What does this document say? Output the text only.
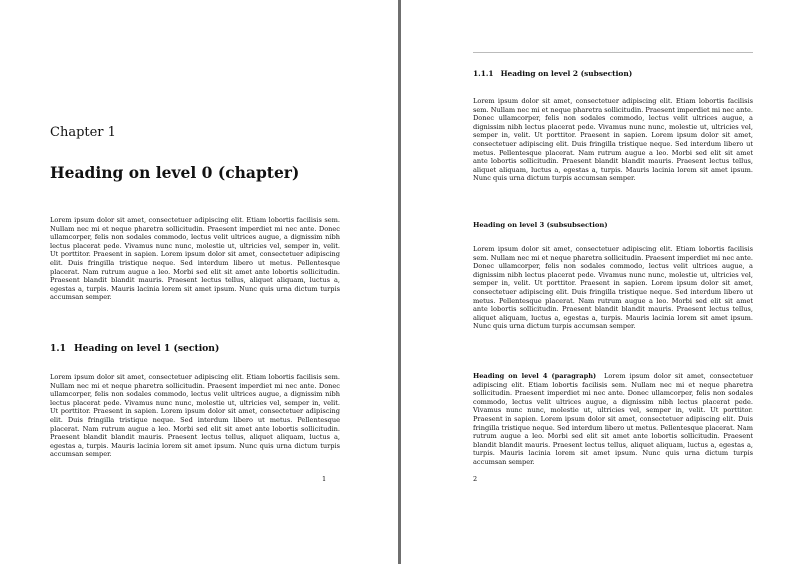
Chapter 1
Heading on level 0 (chapter)

Lorem ipsum dolor sit amet, consectetuer adipiscing elit. Etiam lobortis facilisis sem. Nullam nec mi et neque pharetra sollicitudin. Praesent imperdiet mi nec ante. Donec ullamcorper, felis non sodales commodo, lectus velit ultrices augue, a dignissim nibh lectus placerat pede. Vivamus nunc nunc, molestie ut, ultricies vel, semper in, velit. Ut porttitor. Praesent in sapien. Lorem ipsum dolor sit amet, consectetuer adipiscing elit. Duis fringilla tristique neque. Sed interdum libero ut metus. Pellentesque placerat. Nam rutrum augue a leo. Morbi sed elit sit amet ante lobortis sollicitudin. Praesent blandit blandit mauris. Praesent lectus tellus, aliquet aliquam, luctus a, egestas a, turpis. Mauris lacinia lorem sit amet ipsum. Nunc quis urna dictum turpis accumsan semper.

1.1 Heading on level 1 (section)

Lorem ipsum dolor sit amet, consectetuer adipiscing elit. Etiam lobortis facilisis sem. Nullam nec mi et neque pharetra sollicitudin. Praesent imperdiet mi nec ante. Donec ullamcorper, felis non sodales commodo, lectus velit ultrices augue, a dignissim nibh lectus placerat pede. Vivamus nunc nunc, molestie ut, ultricies vel, semper in, velit. Ut porttitor. Praesent in sapien. Lorem ipsum dolor sit amet, consectetuer adipiscing elit. Duis fringilla tristique neque. Sed interdum libero ut metus. Pellentesque placerat. Nam rutrum augue a leo. Morbi sed elit sit amet ante lobortis sollicitudin. Praesent blandit blandit mauris. Praesent lectus tellus, aliquet aliquam, luctus a, egestas a, turpis. Mauris lacinia lorem sit amet ipsum. Nunc quis urna dictum turpis accumsan semper.

1
1.1.1 Heading on level 2 (subsection)

Lorem ipsum dolor sit amet, consectetuer adipiscing elit. Etiam lobortis facilisis sem. Nullam nec mi et neque pharetra sollicitudin. Praesent imperdiet mi nec ante. Donec ullamcorper, felis non sodales commodo, lectus velit ultrices augue, a dignissim nibh lectus placerat pede. Vivamus nunc nunc, molestie ut, ultricies vel, semper in, velit. Ut porttitor. Praesent in sapien. Lorem ipsum dolor sit amet, consectetuer adipiscing elit. Duis fringilla tristique neque. Sed interdum libero ut metus. Pellentesque placerat. Nam rutrum augue a leo. Morbi sed elit sit amet ante lobortis sollicitudin. Praesent blandit blandit mauris. Praesent lectus tellus, aliquet aliquam, luctus a, egestas a, turpis. Mauris lacinia lorem sit amet ipsum. Nunc quis urna dictum turpis accumsan semper.

Heading on level 3 (subsubsection)

Lorem ipsum dolor sit amet, consectetuer adipiscing elit. Etiam lobortis facilisis sem. Nullam nec mi et neque pharetra sollicitudin. Praesent imperdiet mi nec ante. Donec ullamcorper, felis non sodales commodo, lectus velit ultrices augue, a dignissim nibh lectus placerat pede. Vivamus nunc nunc, molestie ut, ultricies vel, semper in, velit. Ut porttitor. Praesent in sapien. Lorem ipsum dolor sit amet, consectetuer adipiscing elit. Duis fringilla tristique neque. Sed interdum libero ut metus. Pellentesque placerat. Nam rutrum augue a leo. Morbi sed elit sit amet ante lobortis sollicitudin. Praesent blandit blandit mauris. Praesent lectus tellus, aliquet aliquam, luctus a, egestas a, turpis. Mauris lacinia lorem sit amet ipsum. Nunc quis urna dictum turpis accumsan semper.

Heading on level 4 (paragraph) Lorem ipsum dolor sit amet, consectetuer adipiscing elit. Etiam lobortis facilisis sem. Nullam nec mi et neque pharetra sollicitudin. Praesent imperdiet mi nec ante. Donec ullamcorper, felis non sodales commodo, lectus velit ultrices augue, a dignissim nibh lectus placerat pede. Vivamus nunc nunc, molestie ut, ultricies vel, semper in, velit. Ut porttitor. Praesent in sapien. Lorem ipsum dolor sit amet, consectetuer adipiscing elit. Duis fringilla tristique neque. Sed interdum libero ut metus. Pellentesque placerat. Nam rutrum augue a leo. Morbi sed elit sit amet ante lobortis sollicitudin. Praesent blandit blandit mauris. Praesent lectus tellus, aliquet aliquam, luctus a, egestas a, turpis. Mauris lacinia lorem sit amet ipsum. Nunc quis urna dictum turpis accumsan semper.

2
